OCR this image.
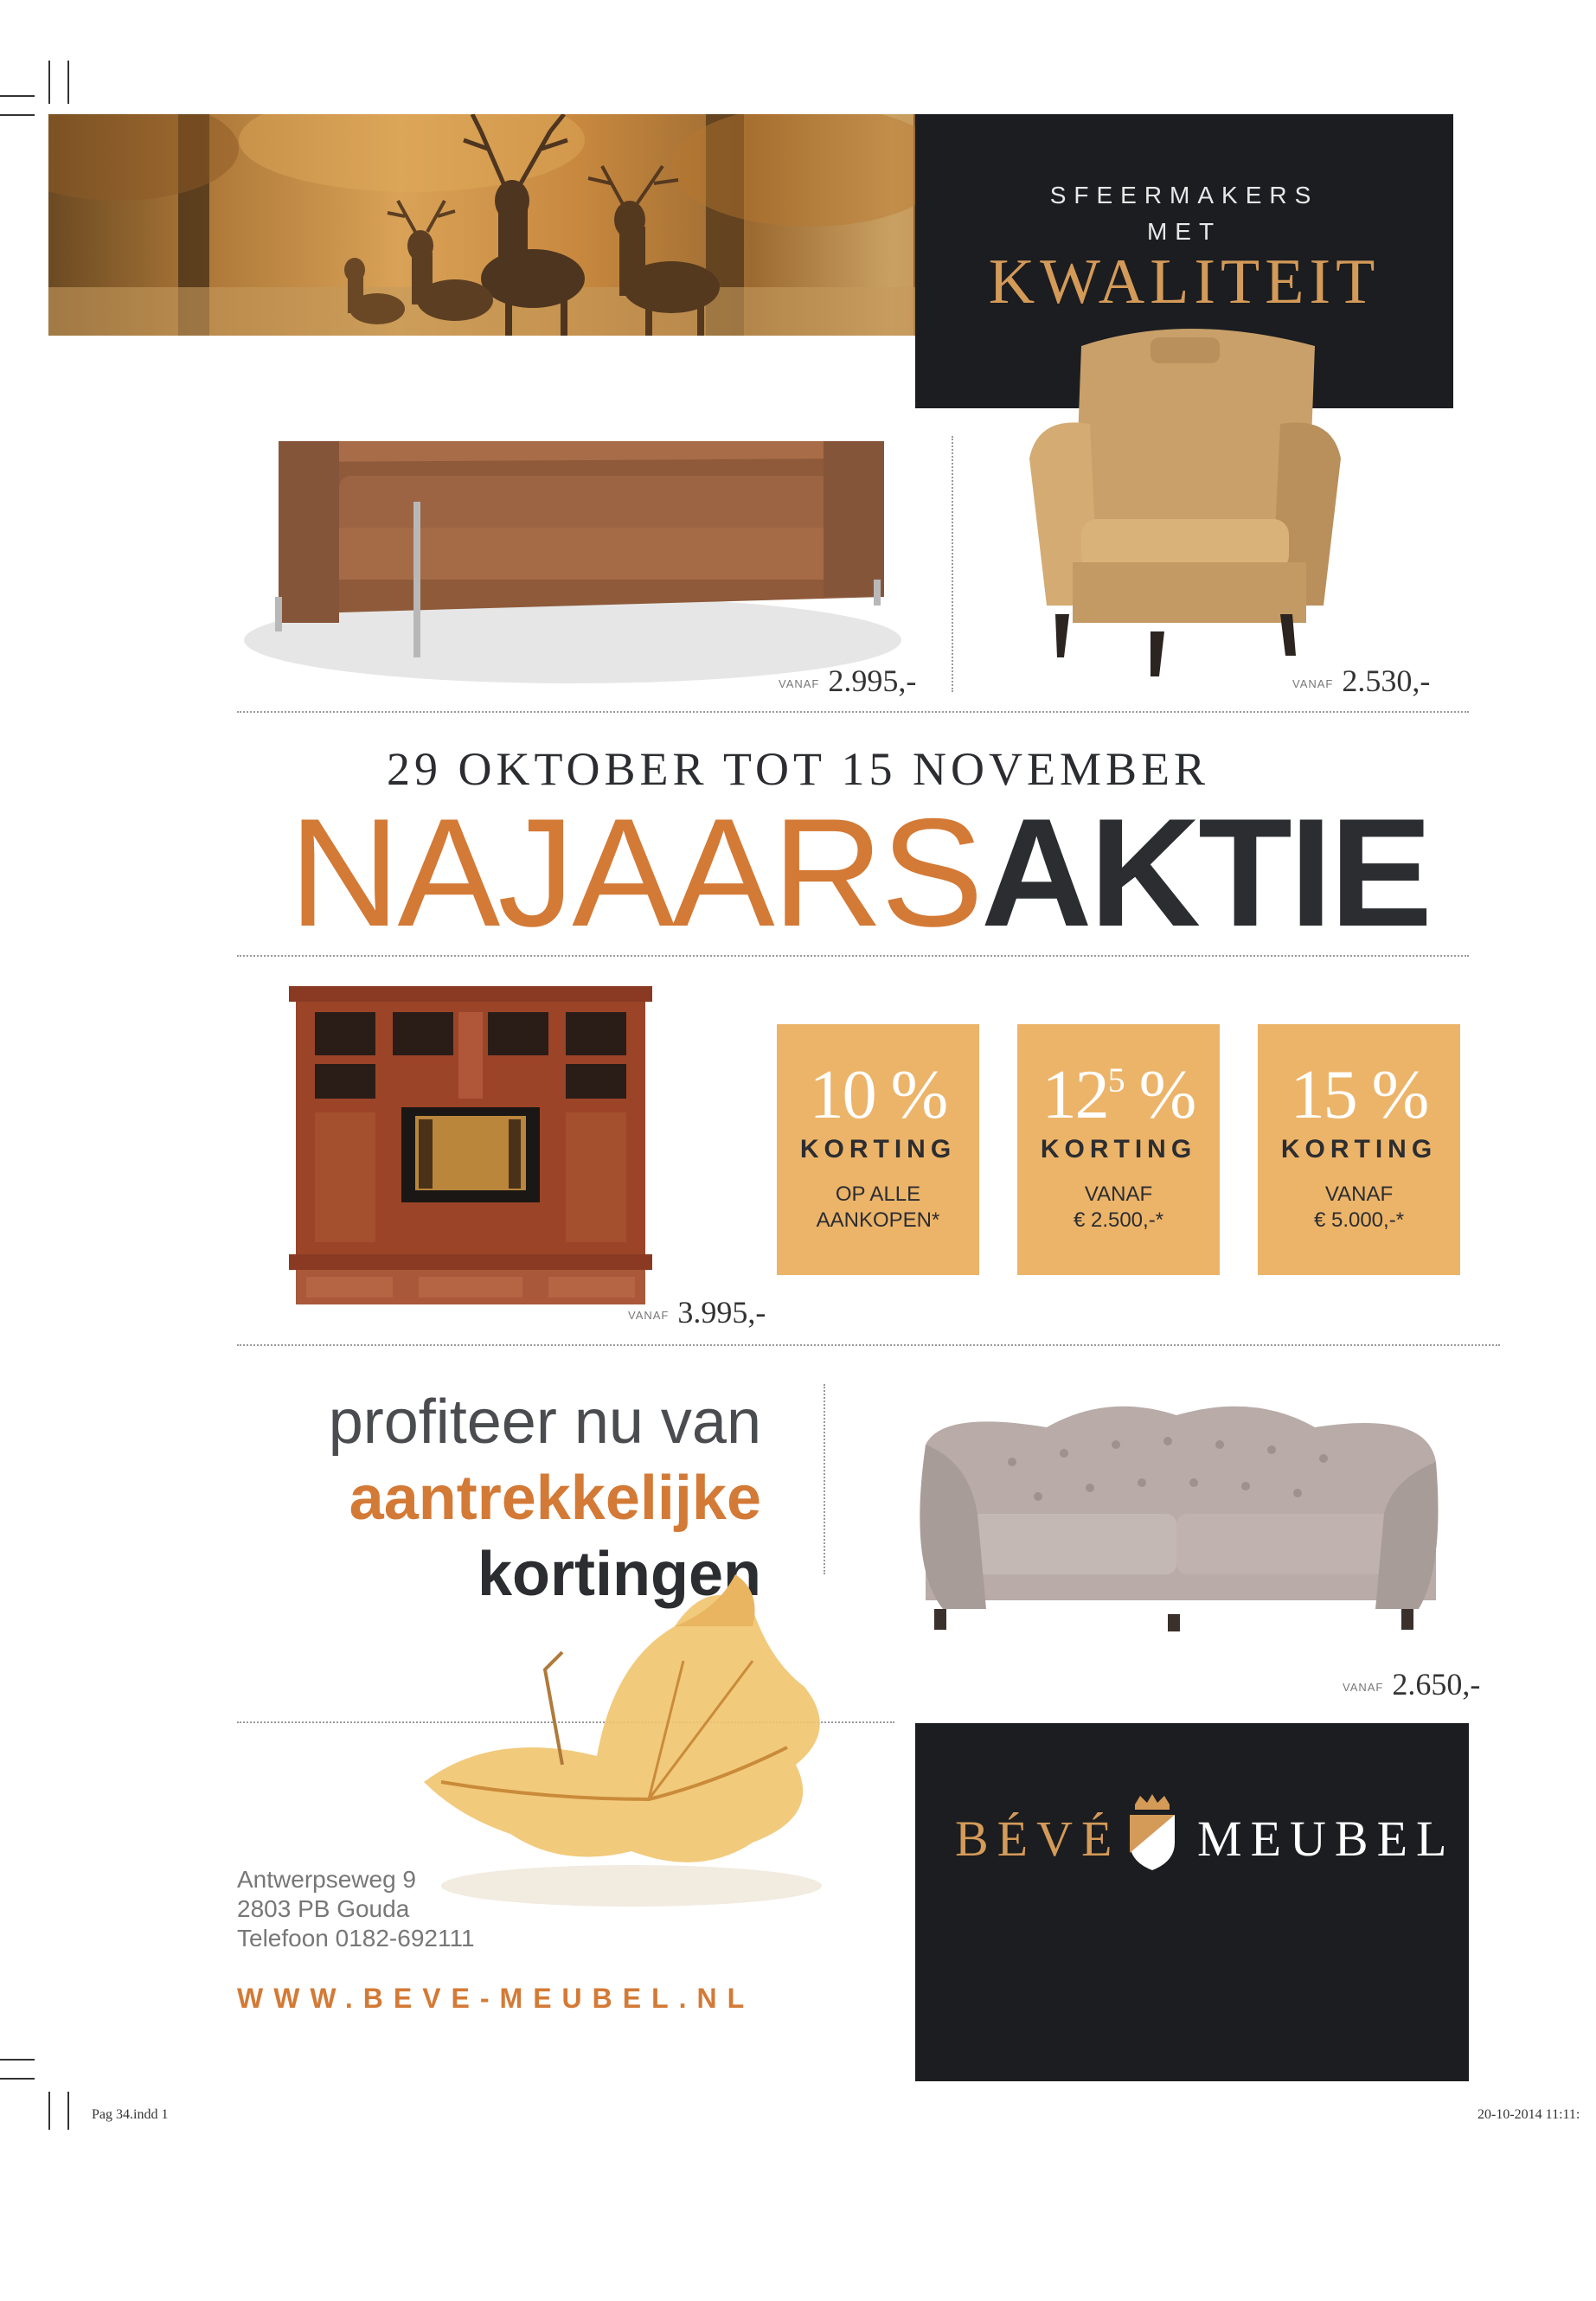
SFEERMAKERS
MET
KWALITEIT
VANAF 2.995,-	VANAF 2.530,-
29 OKTOBER TOT 15 NOVEMBER
NAJAARSAKTIE
VANAF 3.995,-
10 %
KORTING
OP ALLE
AANKOPEN*
$12^5$ %
KORTING
VANAF
€ 2.500,-*
15 %
KORTING
VANAF
€ 5.000,-*
profiteer nu van
aantrekkelijke
kortingen
VANAF 2.650,-
Antwerpseweg 9
2803 PB Gouda
Telefoon 0182-692111
WWW.BEVE-MEUBEL.NL
BÉVÉ MEUBEL
Pag 34.indd 1	20-10-2014 11:11:
